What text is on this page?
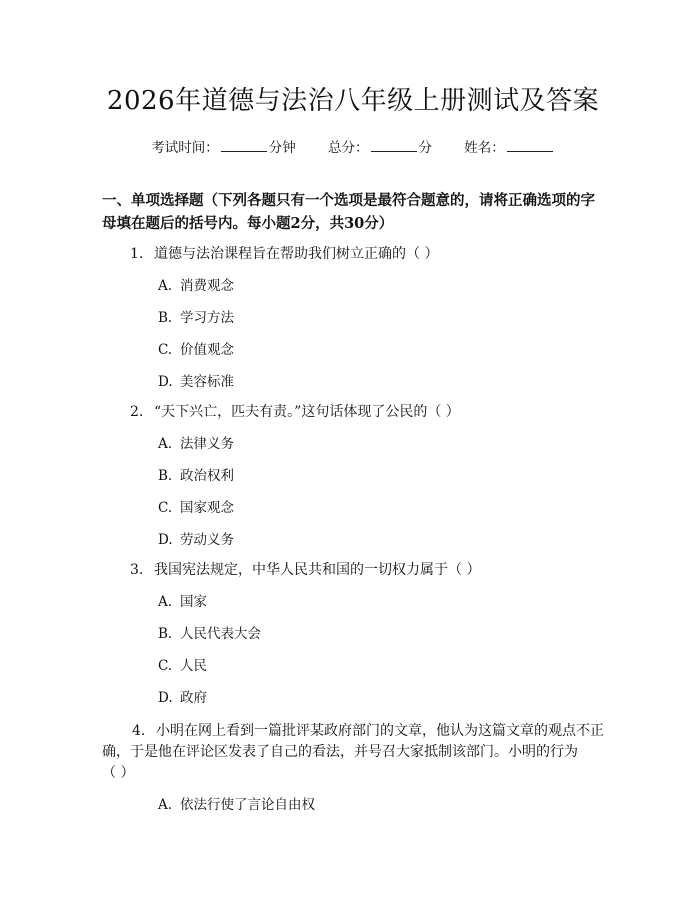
2026年道德与法治八年级上册测试及答案
考试时间：	分钟 总分：	分 姓名：
一、单项选择题（下列各题只有一个选项是最符合题意的，请将正确选项的字母填在题后的括号内。每小题2分，共30分）
1. 道德与法治课程旨在帮助我们树立正确的（ ）
A. 消费观念
B. 学习方法
C. 价值观念
D. 美容标准
2. “天下兴亡，匹夫有责。”这句话体现了公民的（ ）
A. 法律义务
B. 政治权利
C. 国家观念
D. 劳动义务
3. 我国宪法规定，中华人民共和国的一切权力属于（ ）
A. 国家
B. 人民代表大会
C. 人民
D. 政府
4. 小明在网上看到一篇批评某政府部门的文章，他认为这篇文章的观点不正
确，于是他在评论区发表了自己的看法，并号召大家抵制该部门。小明的行为
（ ）
A. 依法行使了言论自由权
